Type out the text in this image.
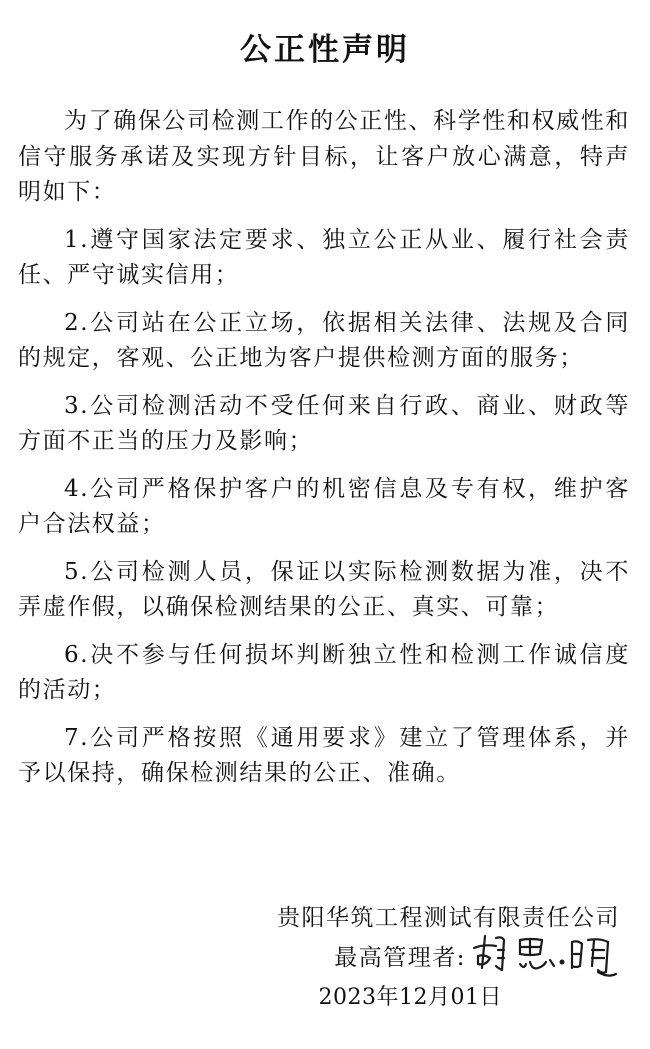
公正性声明

为了确保公司检测工作的公正性、科学性和权威性和信守服务承诺及实现方针目标，让客户放心满意，特声明如下：

1.遵守国家法定要求、独立公正从业、履行社会责任、严守诚实信用；

2.公司站在公正立场，依据相关法律、法规及合同的规定，客观、公正地为客户提供检测方面的服务；

3.公司检测活动不受任何来自行政、商业、财政等方面不正当的压力及影响；

4.公司严格保护客户的机密信息及专有权，维护客户合法权益；

5.公司检测人员，保证以实际检测数据为准，决不弄虚作假，以确保检测结果的公正、真实、可靠；

6.决不参与任何损坏判断独立性和检测工作诚信度的活动；

7.公司严格按照《通用要求》建立了管理体系，并予以保持，确保检测结果的公正、准确。

贵阳华筑工程测试有限责任公司
最高管理者:
2023年12月01日
